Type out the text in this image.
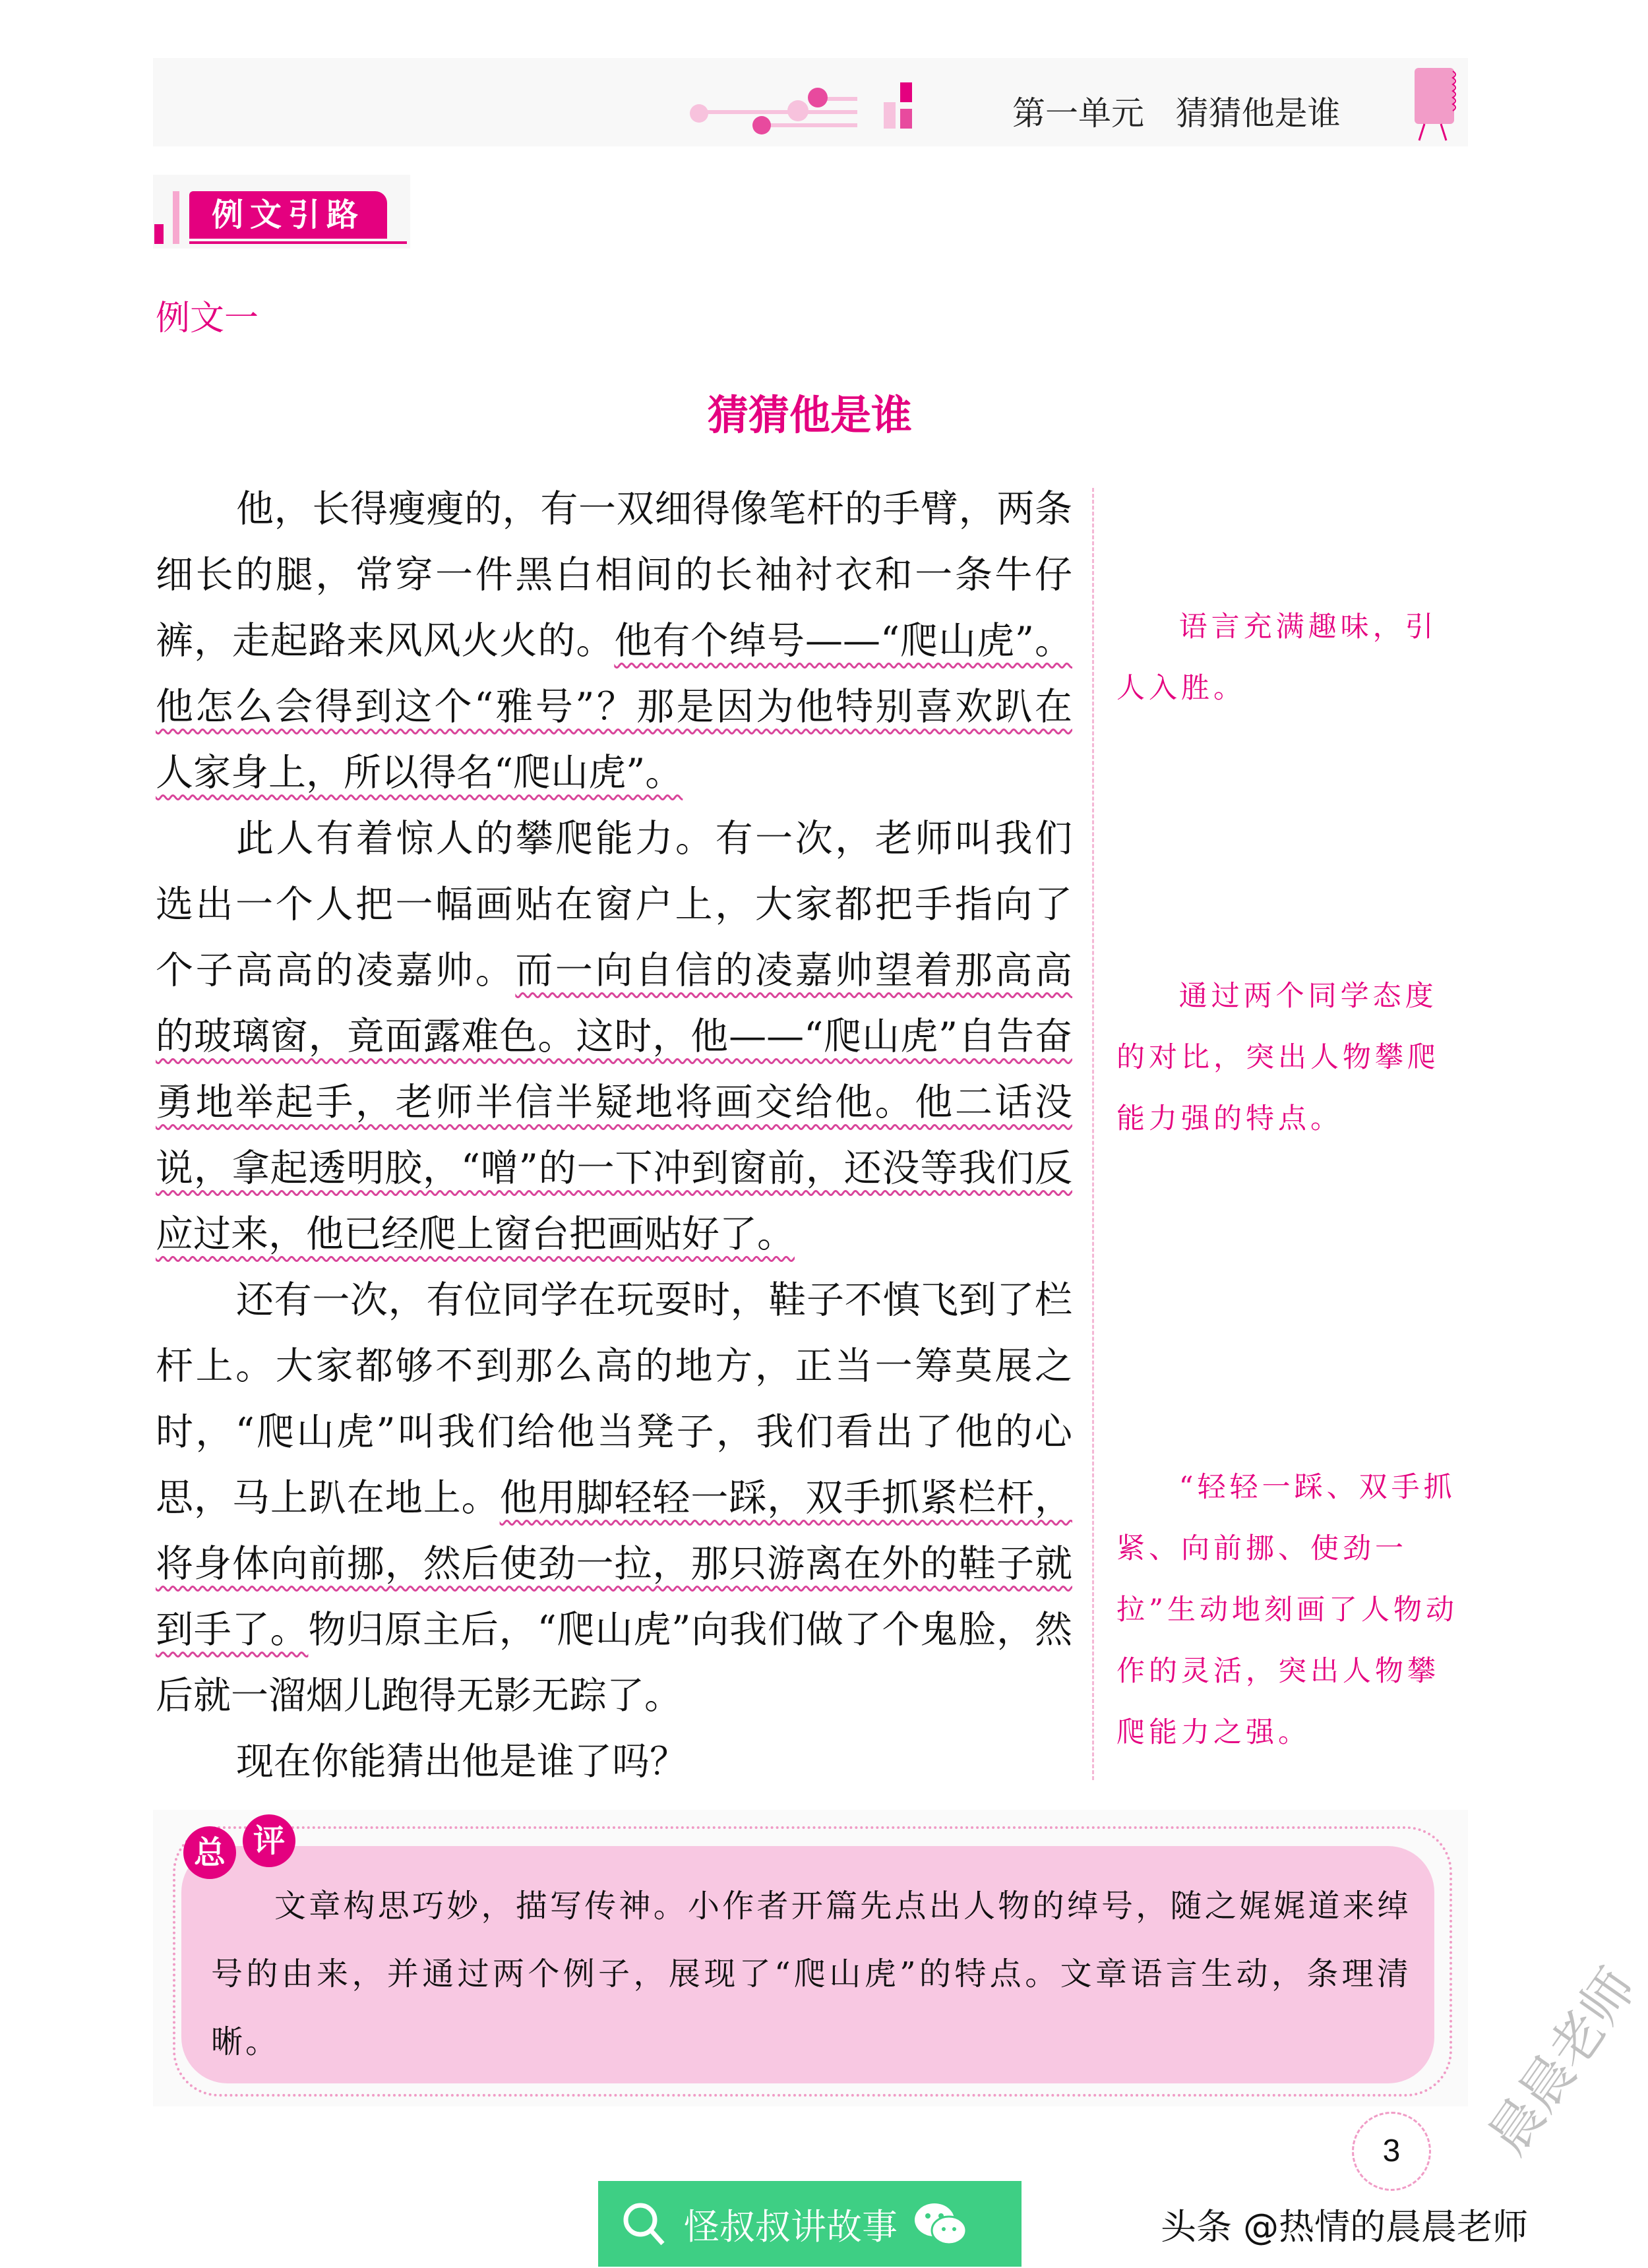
第一单元 猜猜他是谁
例文引路
例文一
猜猜他是谁
他，长得瘦瘦的，有一双细得像笔杆的手臂，两条
细长的腿，常穿一件黑白相间的长袖衬衣和一条牛仔
裤，走起路来风风火火的。他有个绰号——“爬山虎”。
他怎么会得到这个“雅号”？那是因为他特别喜欢趴在
人家身上，所以得名“爬山虎”。
此人有着惊人的攀爬能力。有一次，老师叫我们
选出一个人把一幅画贴在窗户上，大家都把手指向了
个子高高的凌嘉帅。而一向自信的凌嘉帅望着那高高
的玻璃窗，竟面露难色。这时，他——“爬山虎”自告奋
勇地举起手，老师半信半疑地将画交给他。他二话没
说，拿起透明胶，“噌”的一下冲到窗前，还没等我们反
应过来，他已经爬上窗台把画贴好了。
还有一次，有位同学在玩耍时，鞋子不慎飞到了栏
杆上。大家都够不到那么高的地方，正当一筹莫展之
时，“爬山虎”叫我们给他当凳子，我们看出了他的心
思，马上趴在地上。他用脚轻轻一踩，双手抓紧栏杆，
将身体向前挪，然后使劲一拉，那只游离在外的鞋子就
到手了。物归原主后，“爬山虎”向我们做了个鬼脸，然
后就一溜烟儿跑得无影无踪了。
现在你能猜出他是谁了吗？

语言充满趣味，引人入胜。

通过两个同学态度的对比，突出人物攀爬能力强的特点。

“轻轻一踩、双手抓紧、向前挪、使劲一拉”生动地刻画了人物动作的灵活，突出人物攀爬能力之强。

总 评
文章构思巧妙，描写传神。小作者开篇先点出人物的绰号，随之娓娓道来绰号的由来，并通过两个例子，展现了“爬山虎”的特点。文章语言生动，条理清晰。
3
怪叔叔讲故事	头条 @热情的晨晨老师
晨晨老师
